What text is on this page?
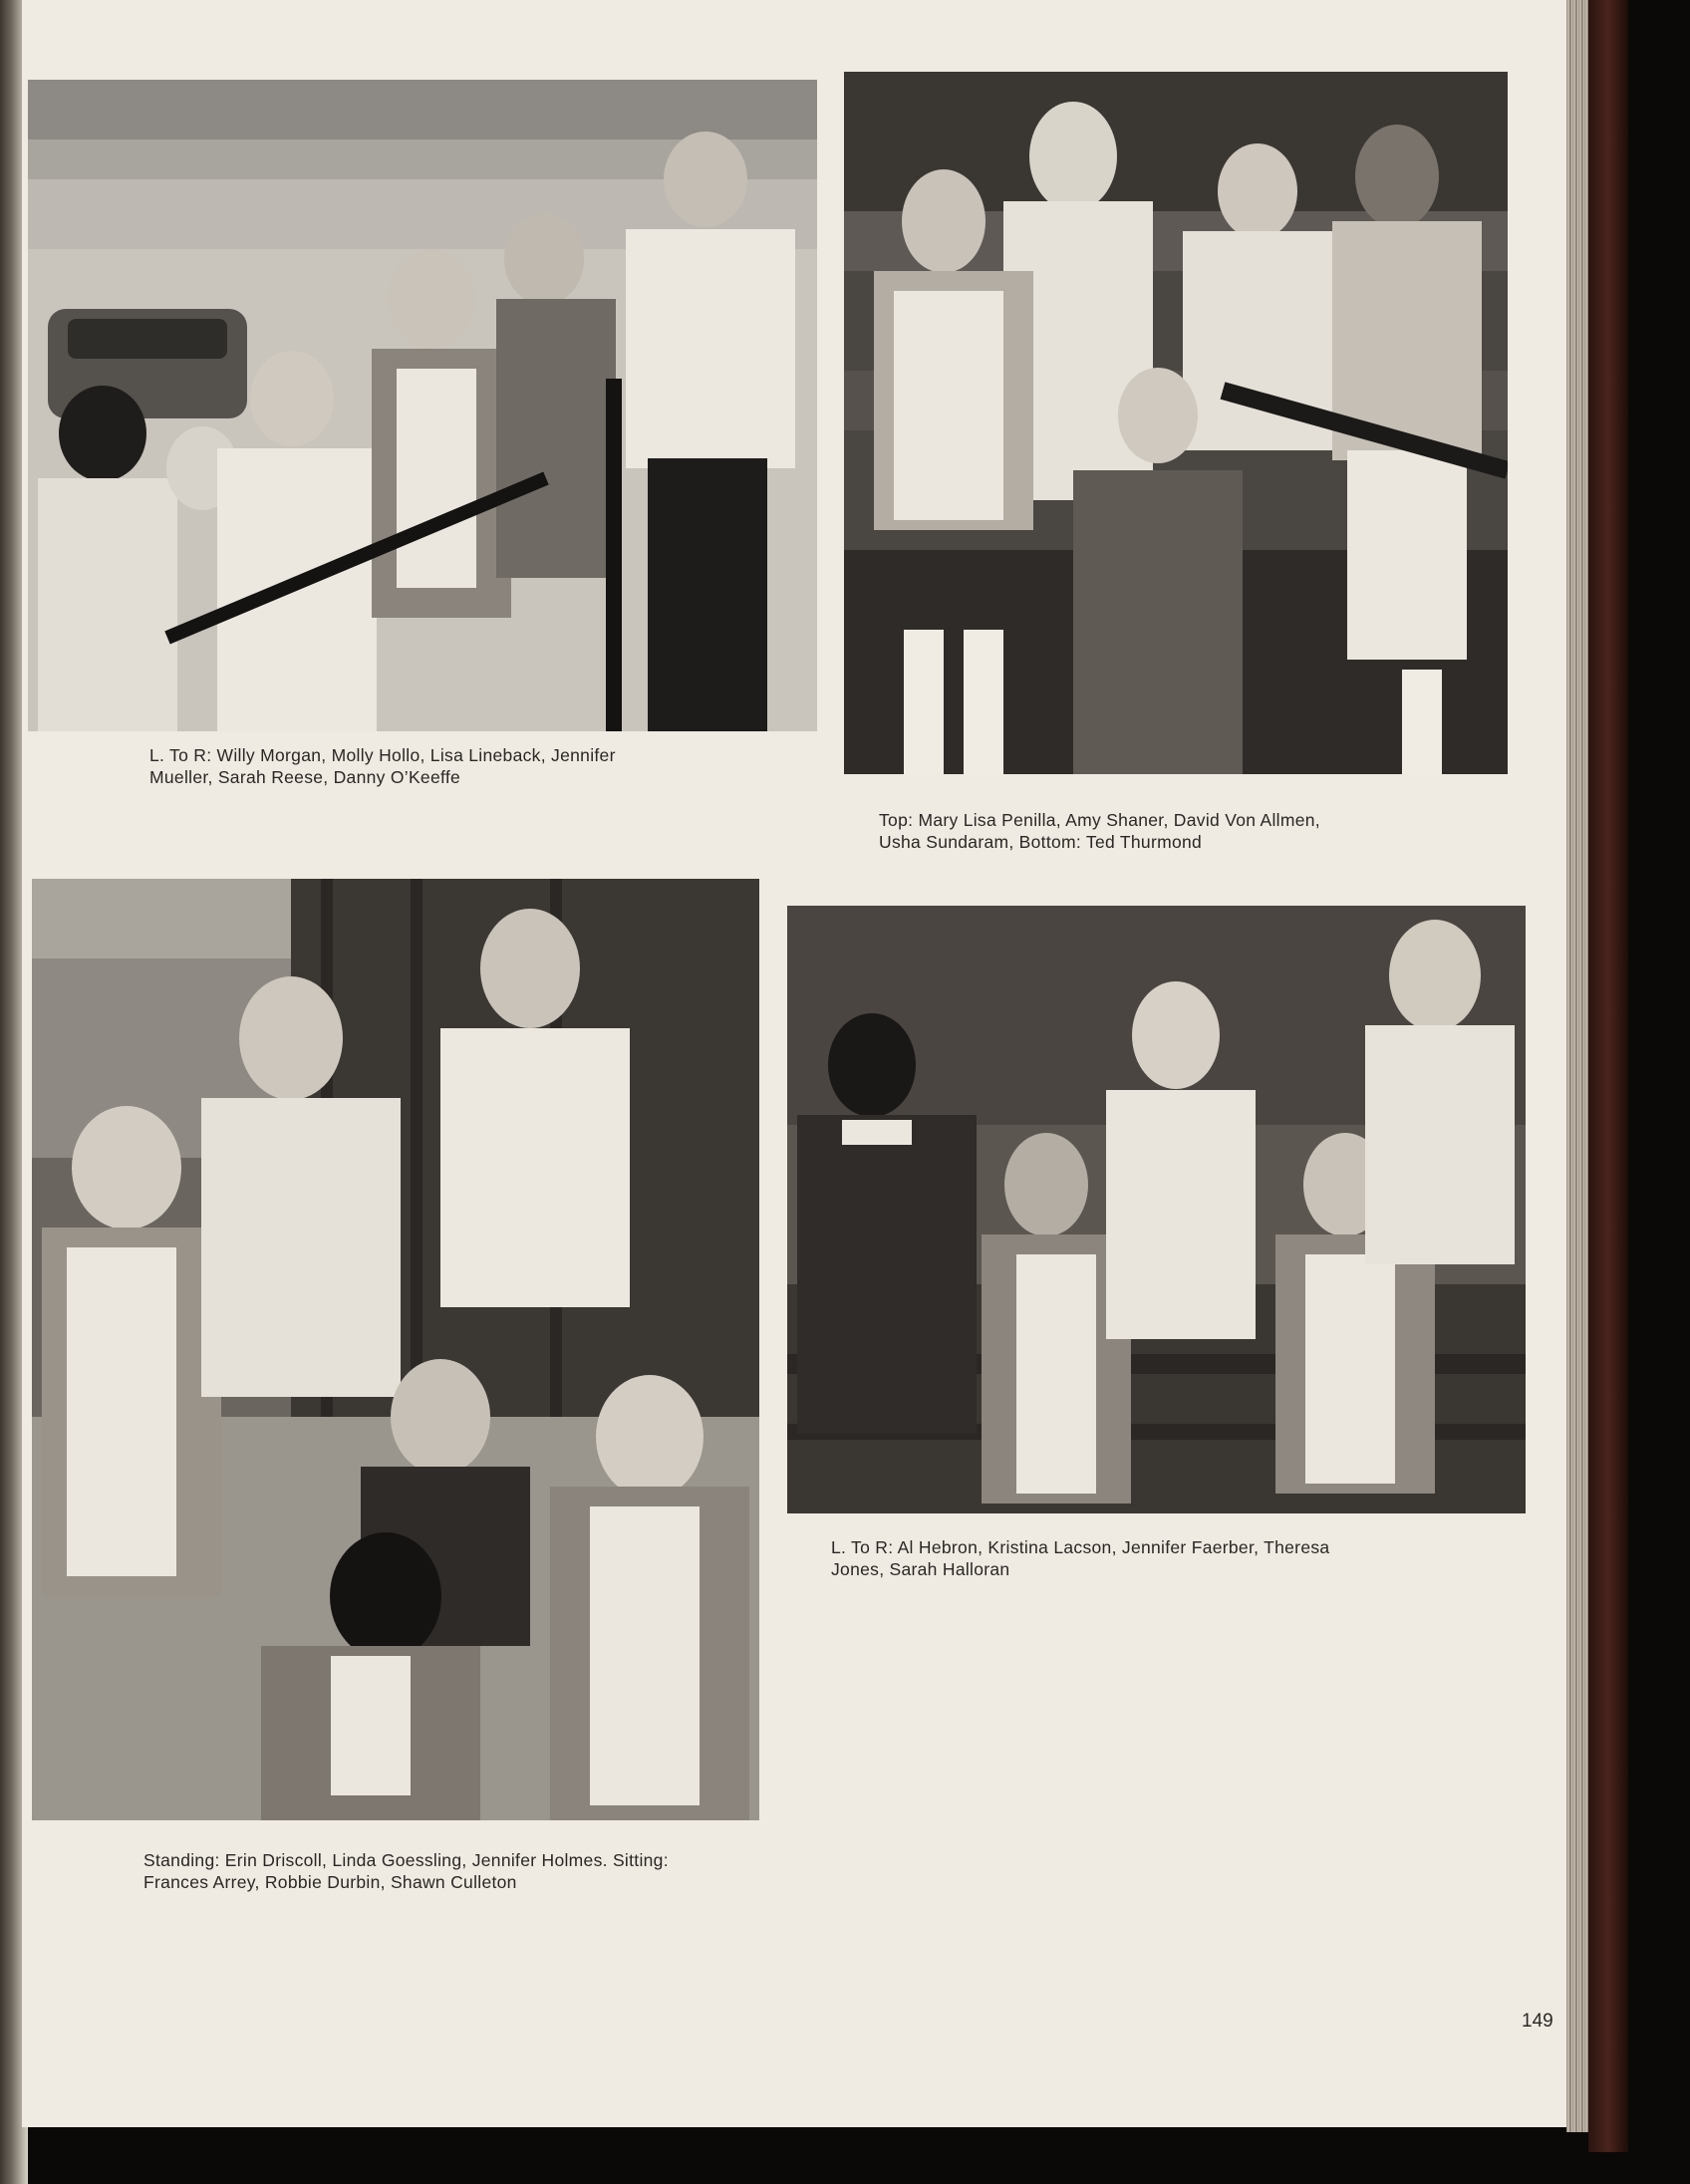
L. To R: Willy Morgan, Molly Hollo, Lisa Lineback, Jennifer
Mueller, Sarah Reese, Danny O’Keeffe
Top: Mary Lisa Penilla, Amy Shaner, David Von Allmen,
Usha Sundaram, Bottom: Ted Thurmond
Standing: Erin Driscoll, Linda Goessling, Jennifer Holmes. Sitting:
Frances Arrey, Robbie Durbin, Shawn Culleton
L. To R: Al Hebron, Kristina Lacson, Jennifer Faerber, Theresa
Jones, Sarah Halloran
149
